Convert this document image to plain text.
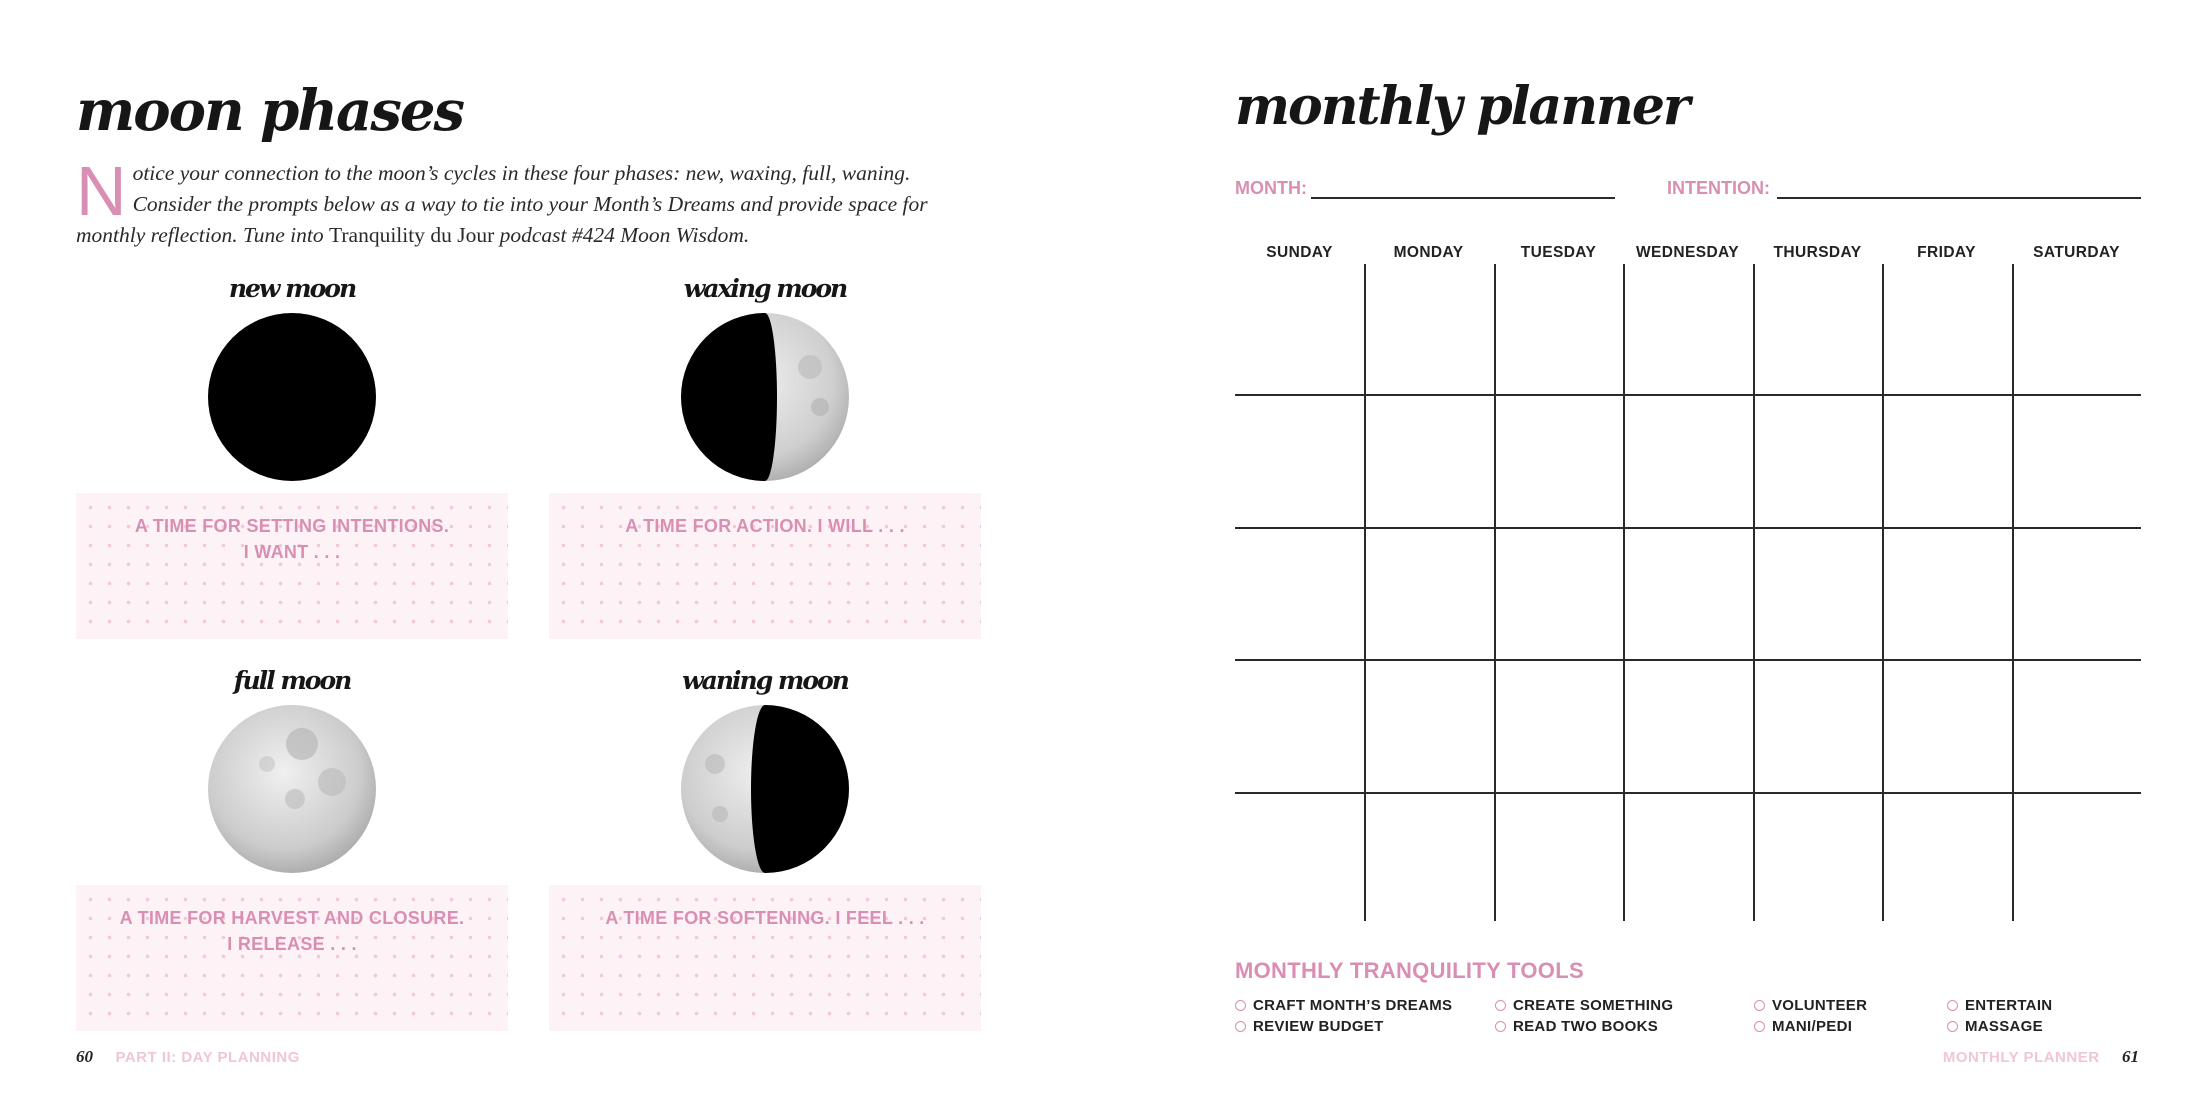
moon phases
Notice your connection to the moon’s cycles in these four phases: new, waxing, full, waning. Consider the prompts below as a way to tie into your Month’s Dreams and provide space for monthly reflection. Tune into Tranquility du Jour podcast #424 Moon Wisdom.
new moon
A TIME FOR SETTING INTENTIONS.
I WANT . . .
waxing moon
A TIME FOR ACTION. I WILL . . .
full moon
A TIME FOR HARVEST AND CLOSURE.
I RELEASE . . .
waning moon
A TIME FOR SOFTENING. I FEEL . . .
60 PART II: DAY PLANNING
monthly planner
MONTH:	INTENTION:
SUNDAY	MONDAY	TUESDAY	WEDNESDAY	THURSDAY	FRIDAY	SATURDAY
MONTHLY TRANQUILITY TOOLS
CRAFT MONTH’S DREAMS	CREATE SOMETHING	VOLUNTEER	ENTERTAIN
REVIEW BUDGET	READ TWO BOOKS	MANI/PEDI	MASSAGE
MONTHLY PLANNER 61
